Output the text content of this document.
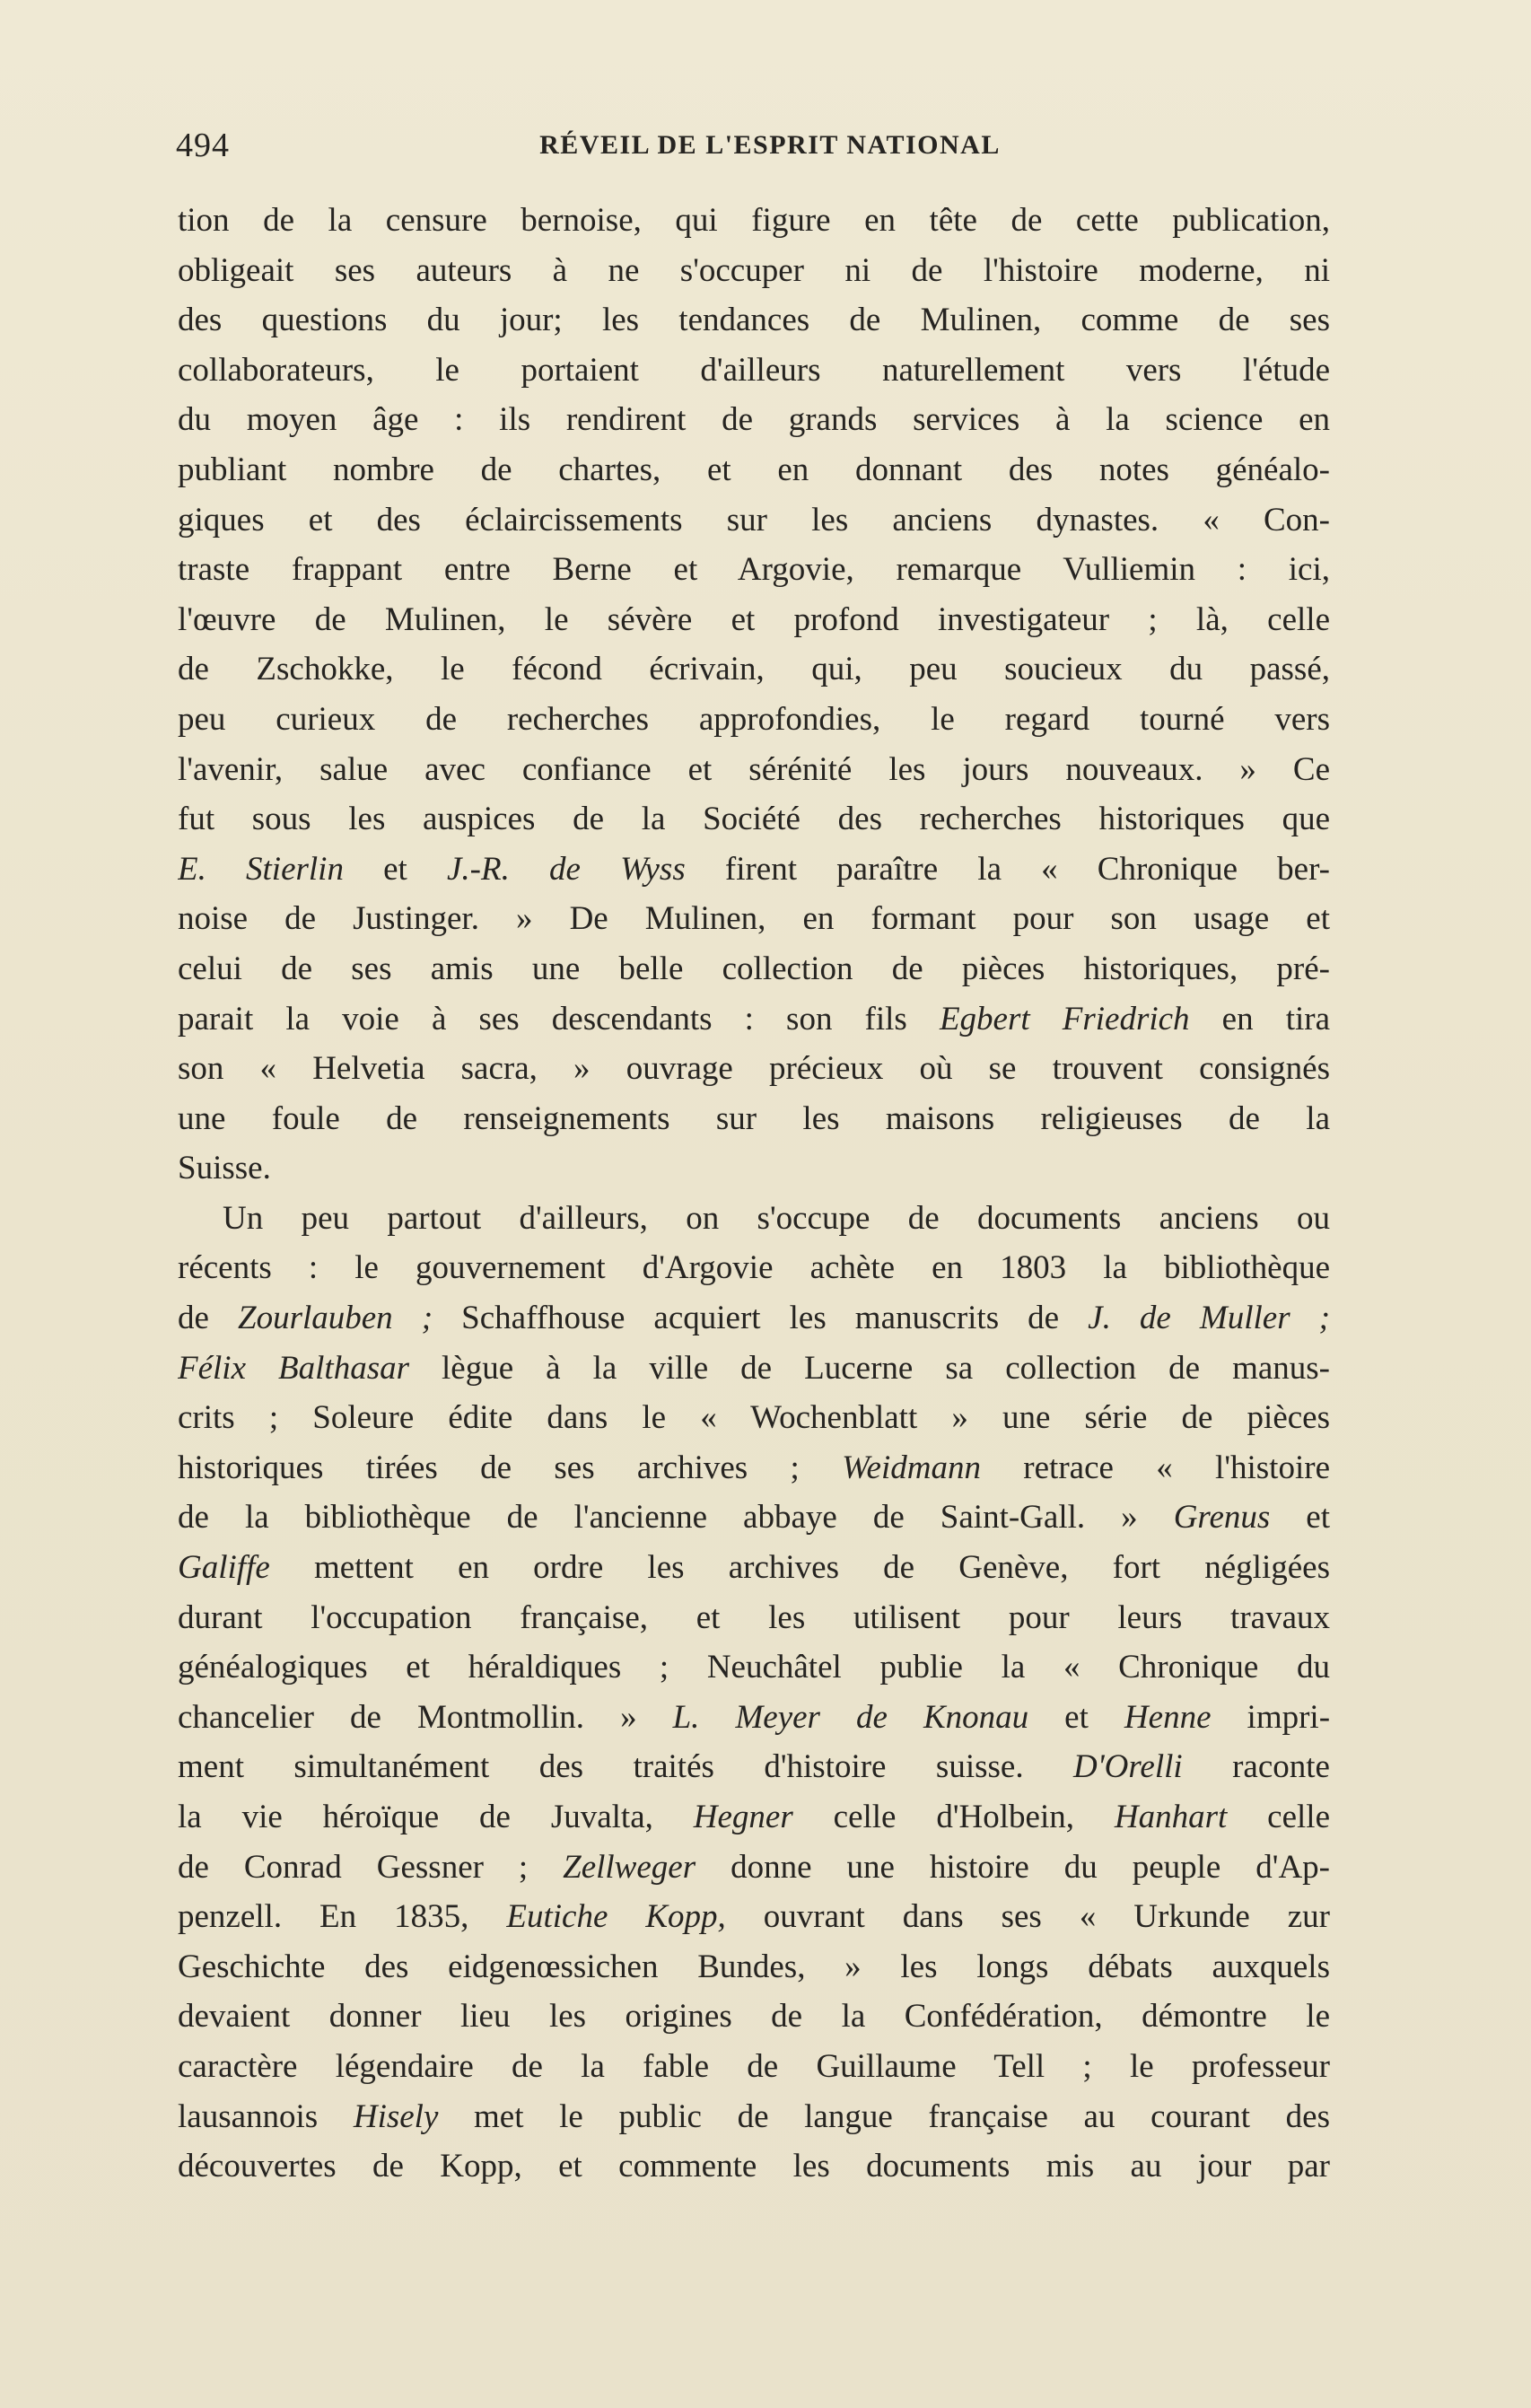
494	RÉVEIL DE L'ESPRIT NATIONAL
tion de la censure bernoise, qui figure en tête de cette publication,
obligeait ses auteurs à ne s'occuper ni de l'histoire moderne, ni
des questions du jour; les tendances de Mulinen, comme de ses
collaborateurs, le portaient d'ailleurs naturellement vers l'étude
du moyen âge : ils rendirent de grands services à la science en
publiant nombre de chartes, et en donnant des notes généalo-
giques et des éclaircissements sur les anciens dynastes. « Con-
traste frappant entre Berne et Argovie, remarque Vulliemin : ici,
l'œuvre de Mulinen, le sévère et profond investigateur ; là, celle
de Zschokke, le fécond écrivain, qui, peu soucieux du passé,
peu curieux de recherches approfondies, le regard tourné vers
l'avenir, salue avec confiance et sérénité les jours nouveaux. » Ce
fut sous les auspices de la Société des recherches historiques que
E. Stierlin et J.-R. de Wyss firent paraître la « Chronique ber-
noise de Justinger. » De Mulinen, en formant pour son usage et
celui de ses amis une belle collection de pièces historiques, pré-
parait la voie à ses descendants : son fils Egbert Friedrich en tira
son « Helvetia sacra, » ouvrage précieux où se trouvent consignés
une foule de renseignements sur les maisons religieuses de la
Suisse.
Un peu partout d'ailleurs, on s'occupe de documents anciens ou
récents : le gouvernement d'Argovie achète en 1803 la bibliothèque
de Zourlauben ; Schaffhouse acquiert les manuscrits de J. de Muller ;
Félix Balthasar lègue à la ville de Lucerne sa collection de manus-
crits ; Soleure édite dans le « Wochenblatt » une série de pièces
historiques tirées de ses archives ; Weidmann retrace « l'histoire
de la bibliothèque de l'ancienne abbaye de Saint-Gall. » Grenus et
Galiffe mettent en ordre les archives de Genève, fort négligées
durant l'occupation française, et les utilisent pour leurs travaux
généalogiques et héraldiques ; Neuchâtel publie la « Chronique du
chancelier de Montmollin. » L. Meyer de Knonau et Henne impri-
ment simultanément des traités d'histoire suisse. D'Orelli raconte
la vie héroïque de Juvalta, Hegner celle d'Holbein, Hanhart celle
de Conrad Gessner ; Zellweger donne une histoire du peuple d'Ap-
penzell. En 1835, Eutiche Kopp, ouvrant dans ses « Urkunde zur
Geschichte des eidgenœssichen Bundes, » les longs débats auxquels
devaient donner lieu les origines de la Confédération, démontre le
caractère légendaire de la fable de Guillaume Tell ; le professeur
lausannois Hisely met le public de langue française au courant des
découvertes de Kopp, et commente les documents mis au jour par
